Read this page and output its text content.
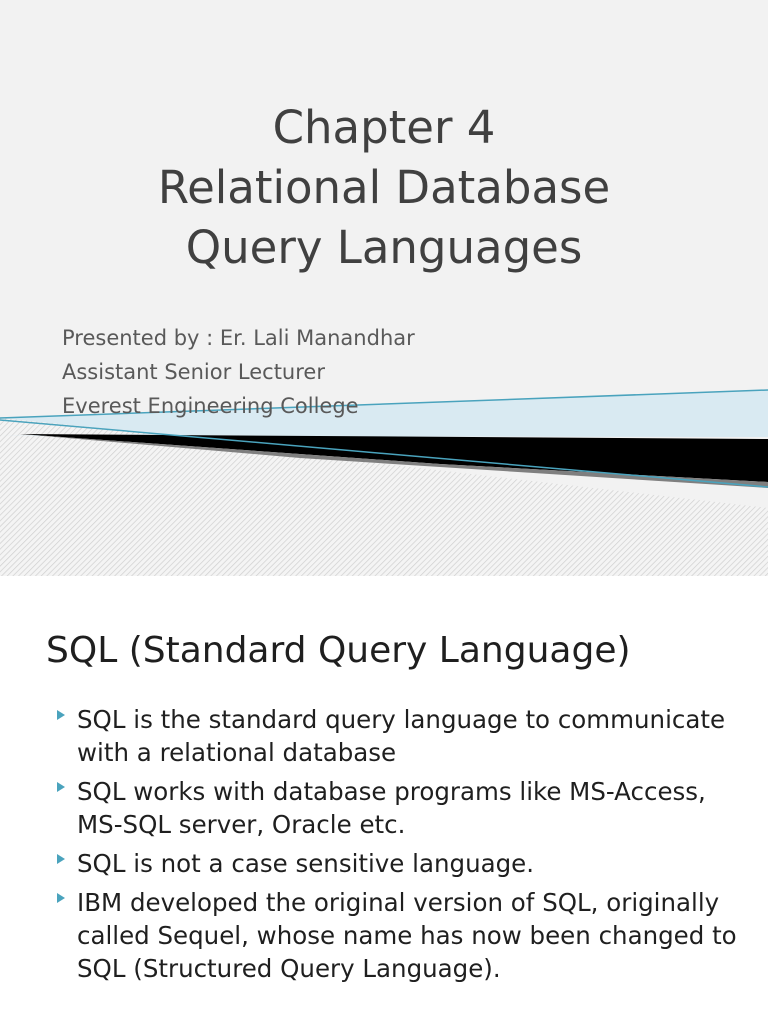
Chapter 4
Relational Database
Query Languages
Presented by : Er. Lali Manandhar
Assistant Senior Lecturer
Everest Engineering College
SQL (Standard Query Language)
SQL is the standard query language to communicate with a relational database
SQL works with database programs like MS-Access, MS-SQL server, Oracle etc.
SQL is not a case sensitive language.
IBM developed the original version of SQL, originally called Sequel, whose name has now been changed to SQL (Structured Query Language).
